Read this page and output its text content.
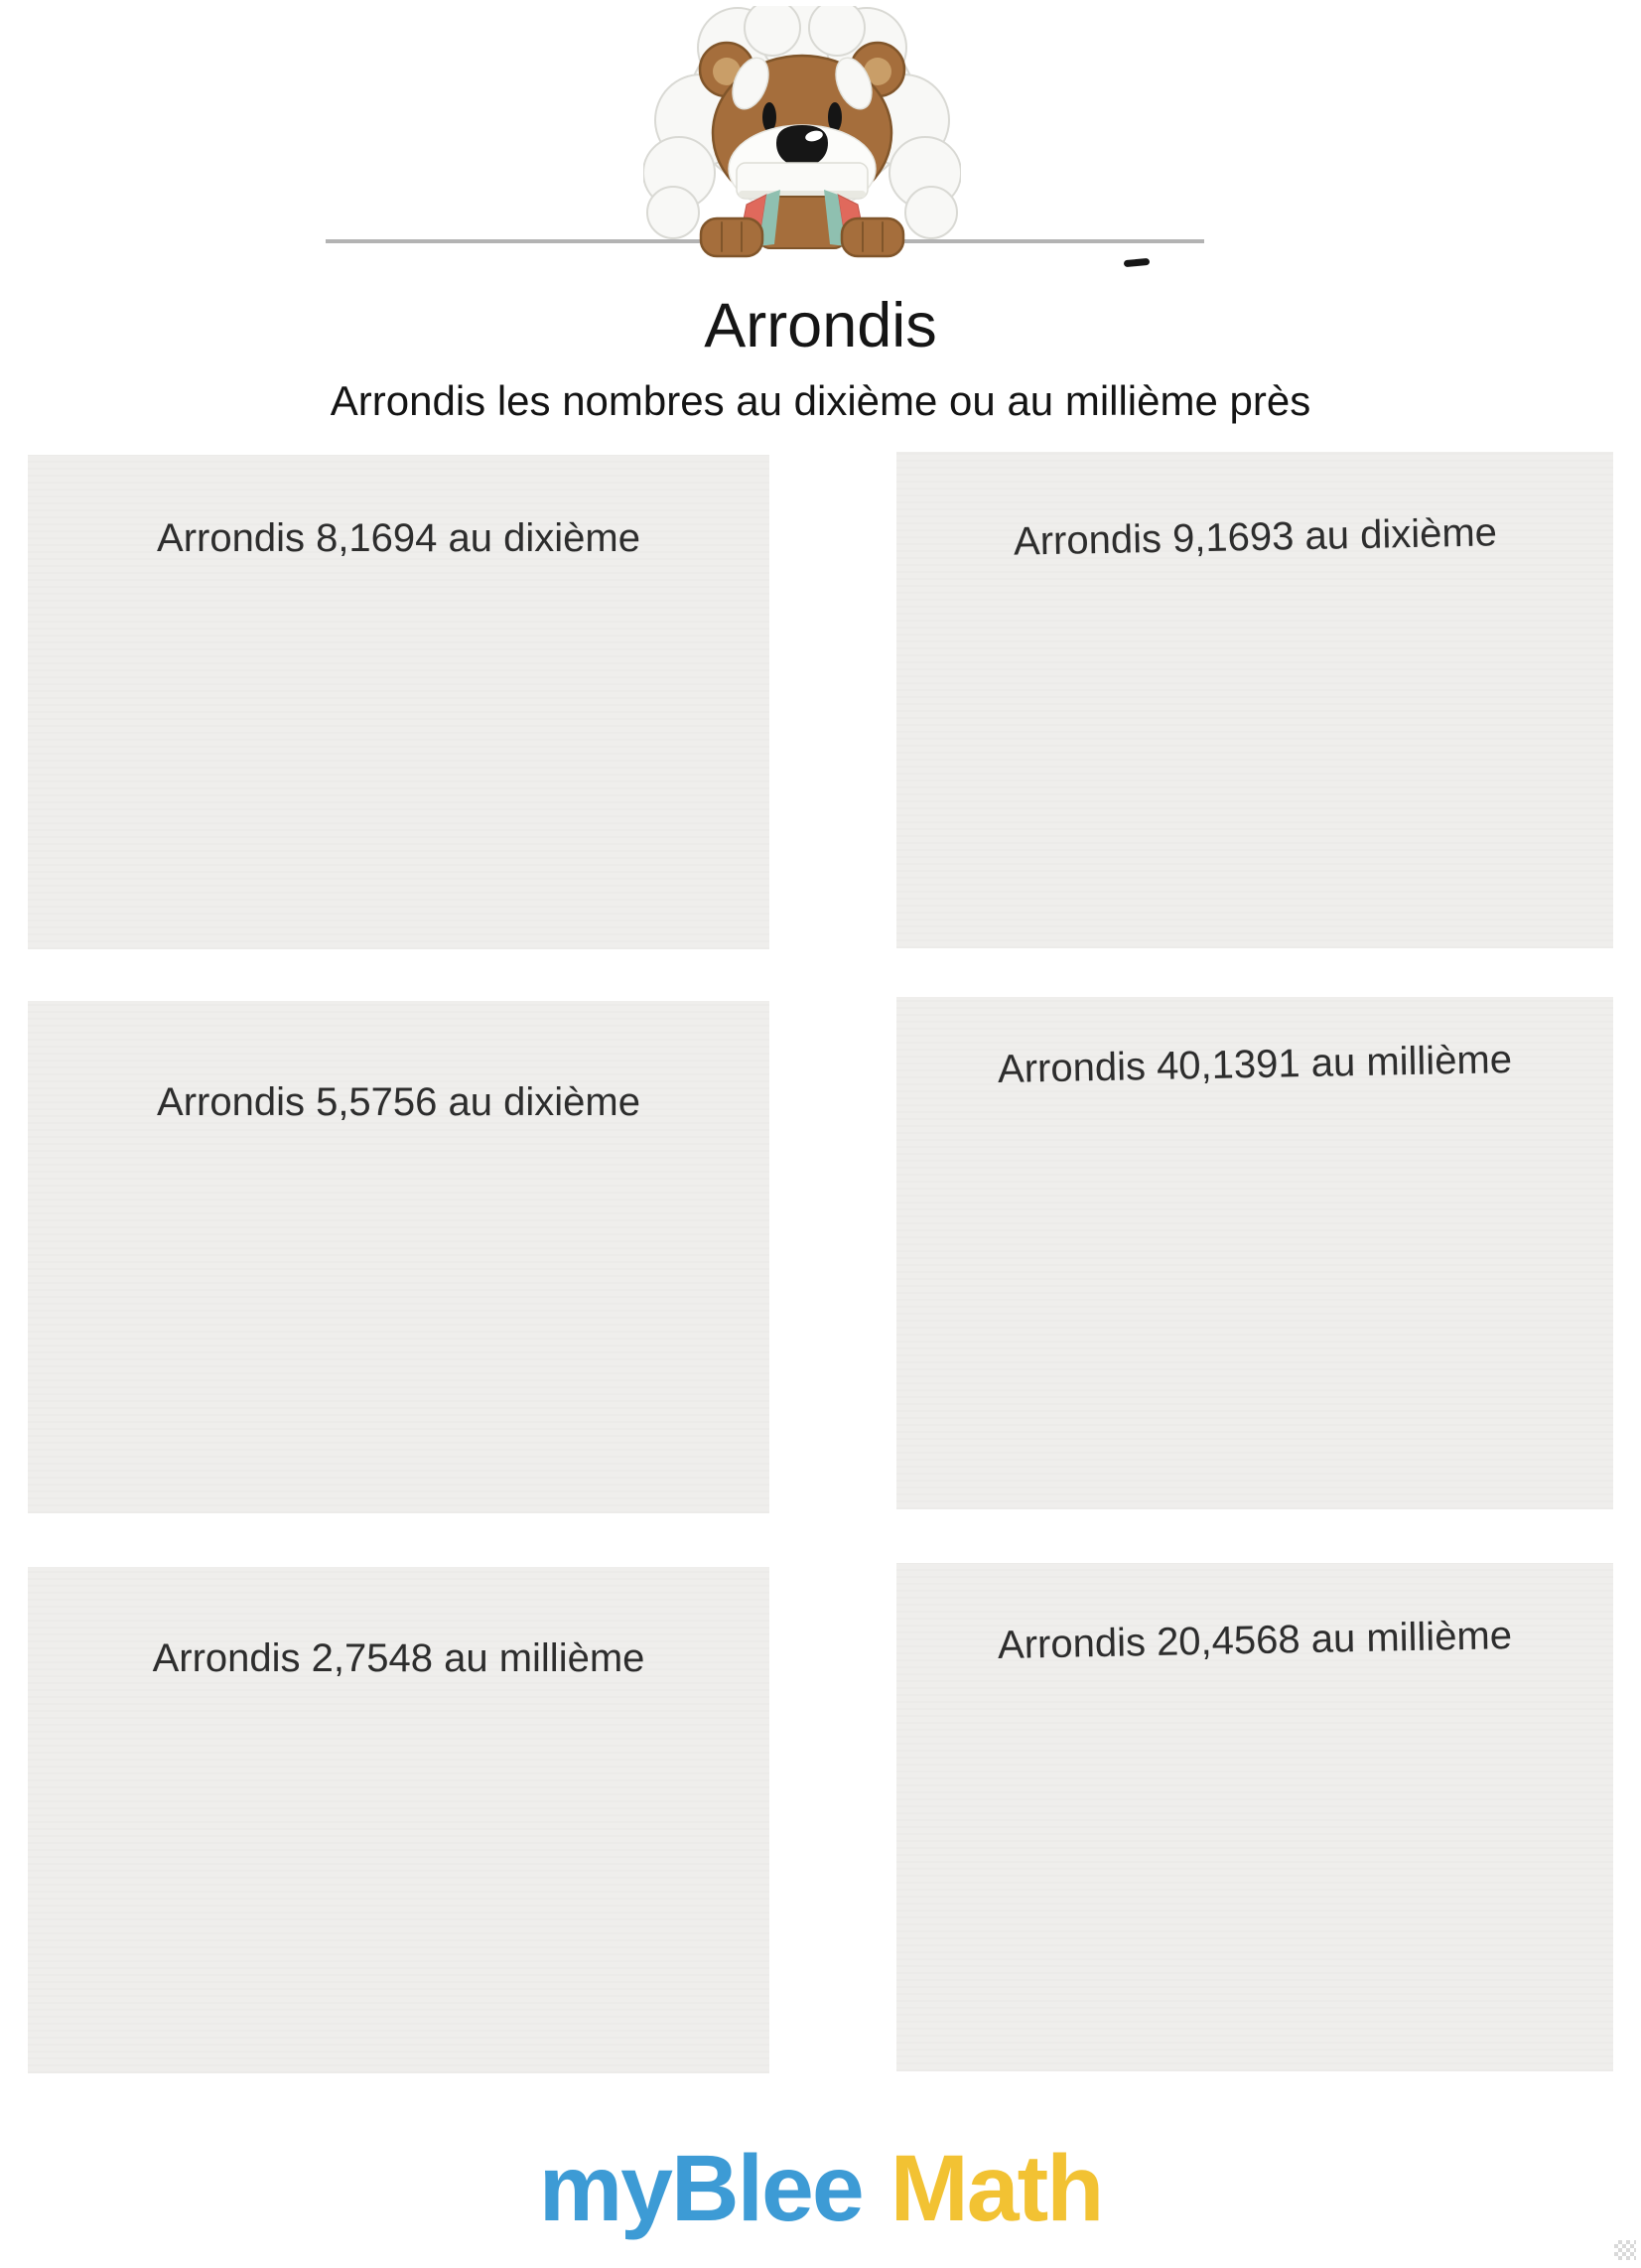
Arrondis
Arrondis les nombres au dixième ou au millième près
Arrondis 8,1694 au dixième	Arrondis 9,1693 au dixième
Arrondis 5,5756 au dixième
Arrondis 40,1391 au millième
Arrondis 2,7548 au millième	Arrondis 20,4568 au millième
myBlee Math
